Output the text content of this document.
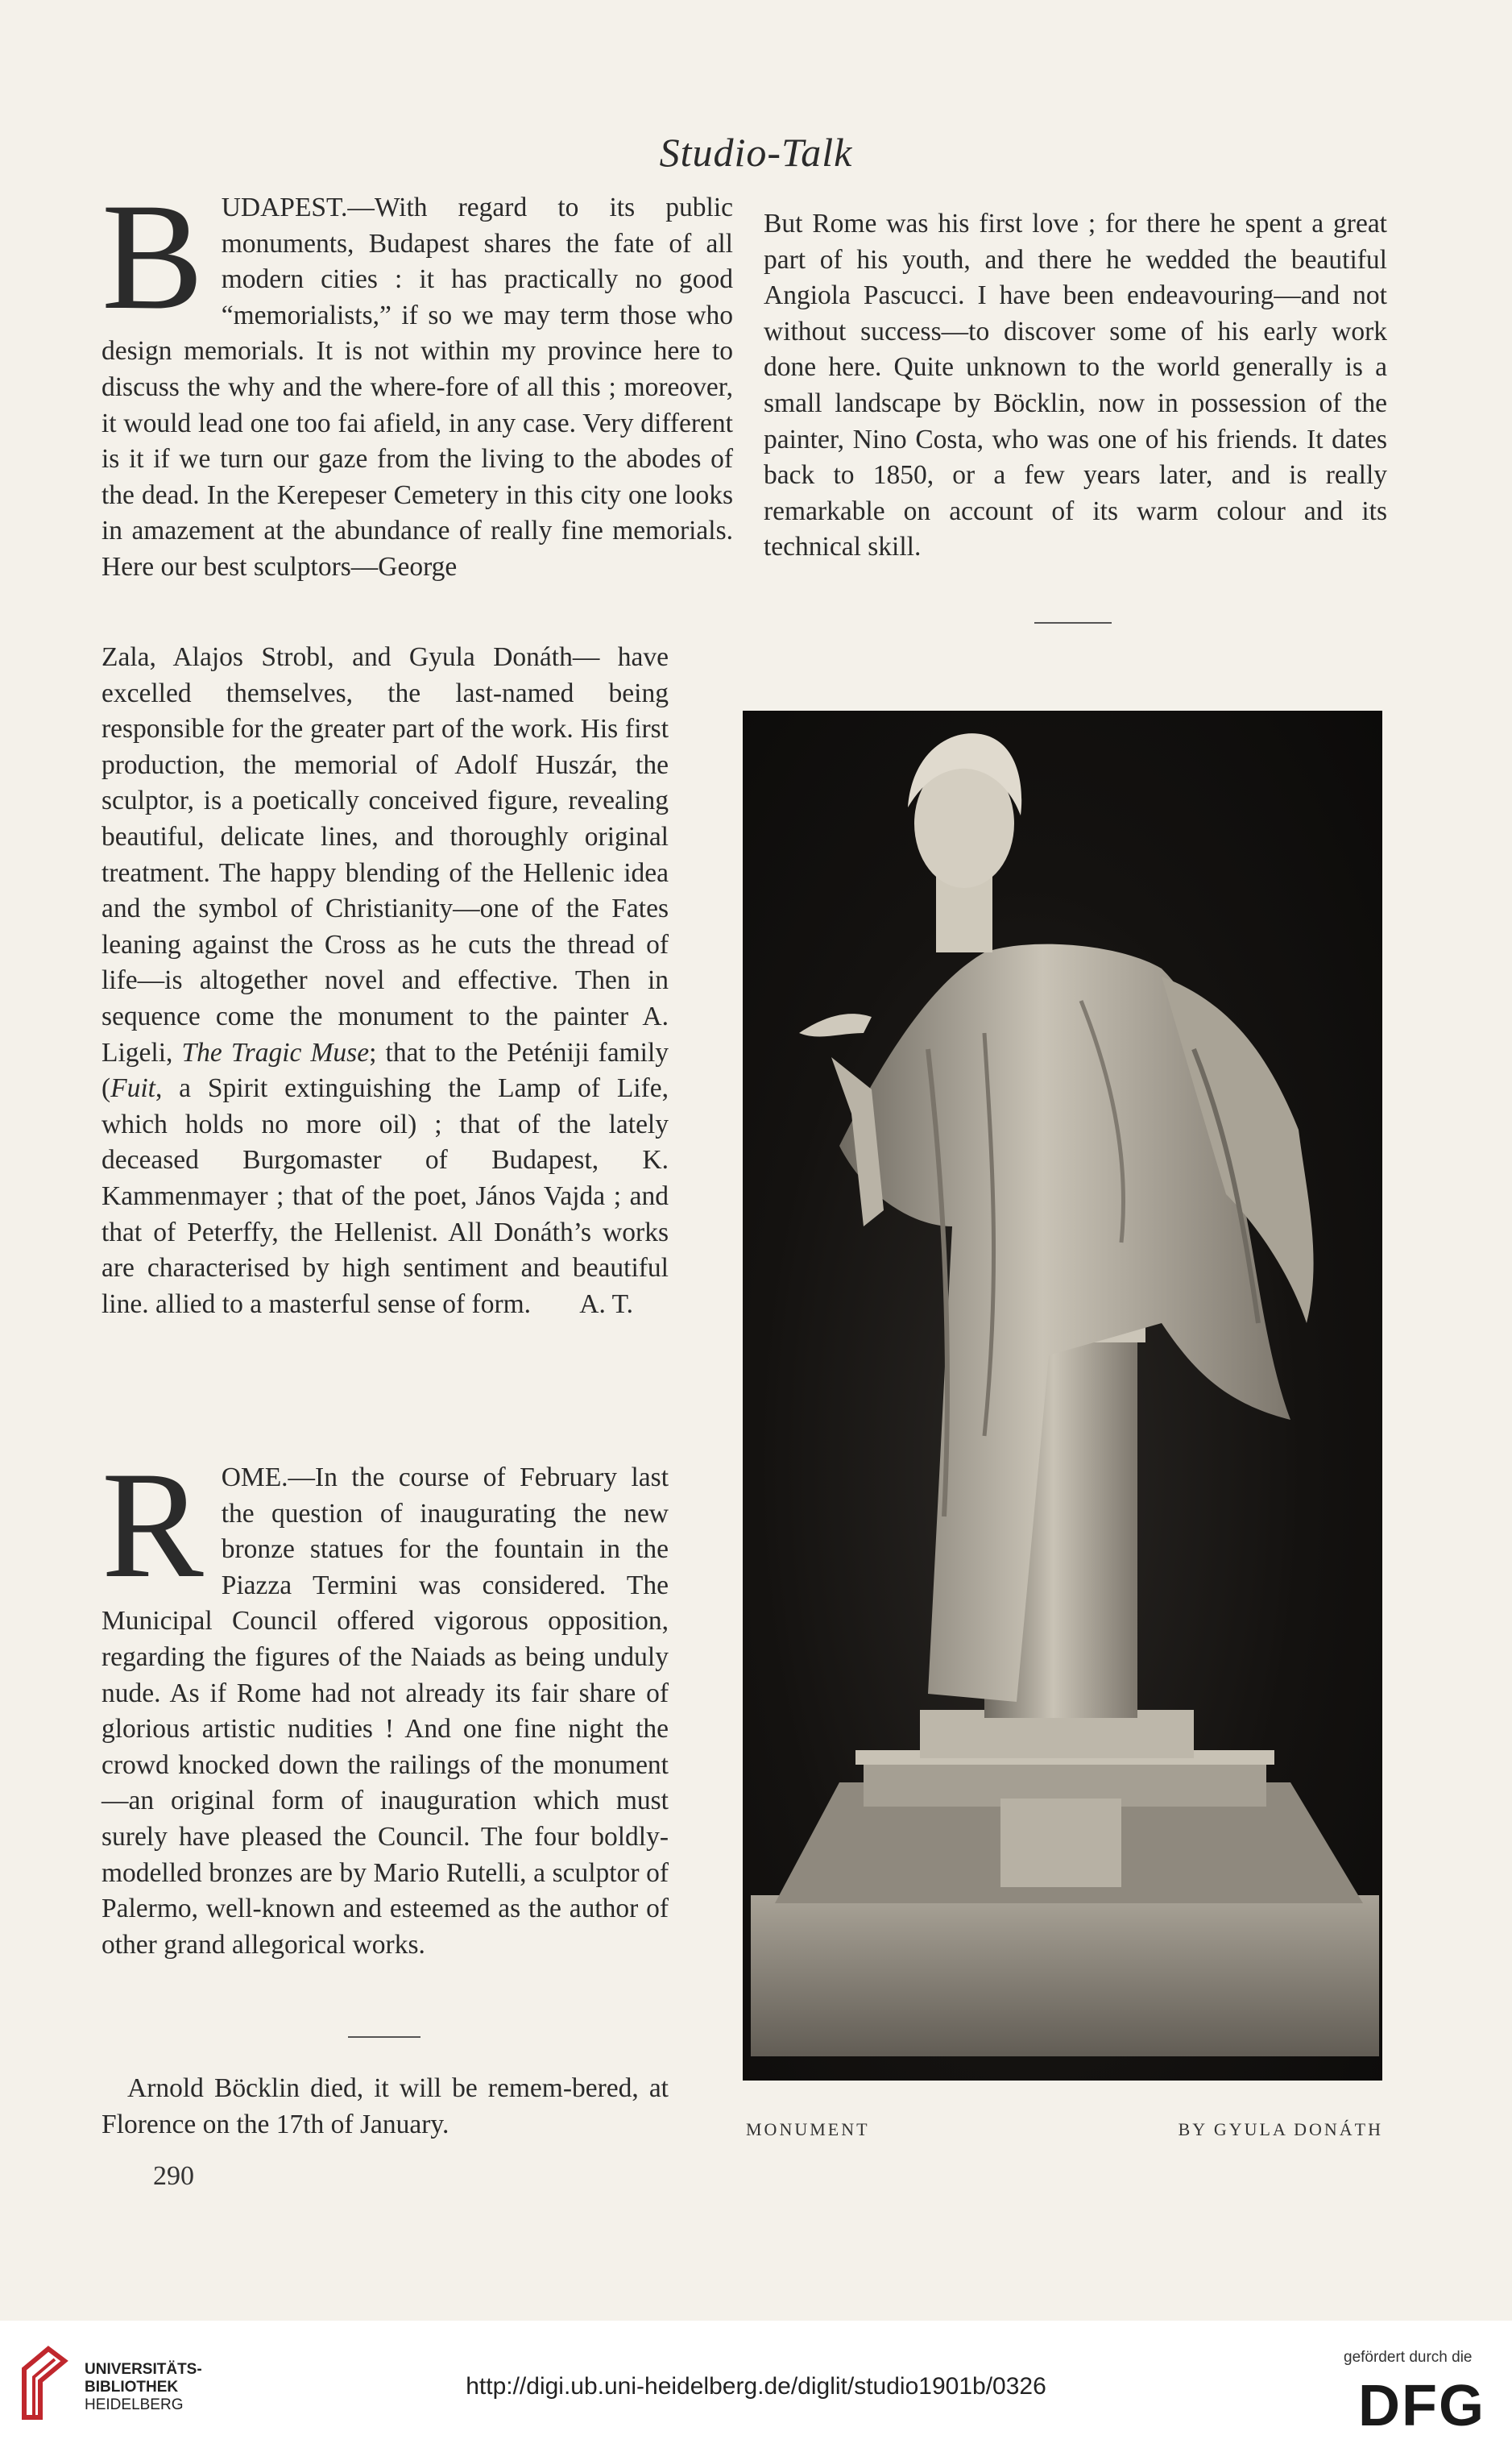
Studio-Talk
B UDAPEST.—With regard to its public monuments, Budapest shares the fate of all modern cities : it has practically no good “memorialists,” if so we may term those who design memorials. It is not within my province here to discuss the why and the where-fore of all this ; moreover, it would lead one too fai afield, in any case. Very different is it if we turn our gaze from the living to the abodes of the dead. In the Kerepeser Cemetery in this city one looks in amazement at the abundance of really fine memorials. Here our best sculptors—George

Zala, Alajos Strobl, and Gyula Donáth— have excelled themselves, the last-named being responsible for the greater part of the work. His first production, the memorial of Adolf Huszár, the sculptor, is a poetically conceived figure, revealing beautiful, delicate lines, and thoroughly original treatment. The happy blending of the Hellenic idea and the symbol of Christianity—one of the Fates leaning against the Cross as he cuts the thread of life—is altogether novel and effective. Then in sequence come the monument to the painter A. Ligeli, The Tragic Muse; that to the Peténiji family (Fuit, a Spirit extinguishing the Lamp of Life, which holds no more oil) ; that of the lately deceased Burgomaster of Budapest, K. Kammenmayer ; that of the poet, János Vajda ; and that of Peterffy, the Hellenist. All Donáth’s works are characterised by high sentiment and beautiful line. allied to a masterful sense of form.	A. T.

R OME.—In the course of February last the question of inaugurating the new bronze statues for the fountain in the Piazza Termini was considered. The Municipal Council offered vigorous opposition, regarding the figures of the Naiads as being unduly nude. As if Rome had not already its fair share of glorious artistic nudities ! And one fine night the crowd knocked down the railings of the monument—an original form of inauguration which must surely have pleased the Council. The four boldly-modelled bronzes are by Mario Rutelli, a sculptor of Palermo, well-known and esteemed as the author of other grand allegorical works.

Arnold Böcklin died, it will be remem-bered, at Florence on the 17th of January.

But Rome was his first love ; for there he spent a great part of his youth, and there he wedded the beautiful Angiola Pascucci. I have been endeavouring—and not without success—to discover some of his early work done here. Quite unknown to the world generally is a small landscape by Böcklin, now in possession of the painter, Nino Costa, who was one of his friends. It dates back to 1850, or a few years later, and is really remarkable on account of its warm colour and its technical skill.

MONUMENT	BY GYULA DONÁTH
290
UNIVERSITÄTS-
BIBLIOTHEK
HEIDELBERG
http://digi.ub.uni-heidelberg.de/diglit/studio1901b/0326
gefördert durch die
DFG
